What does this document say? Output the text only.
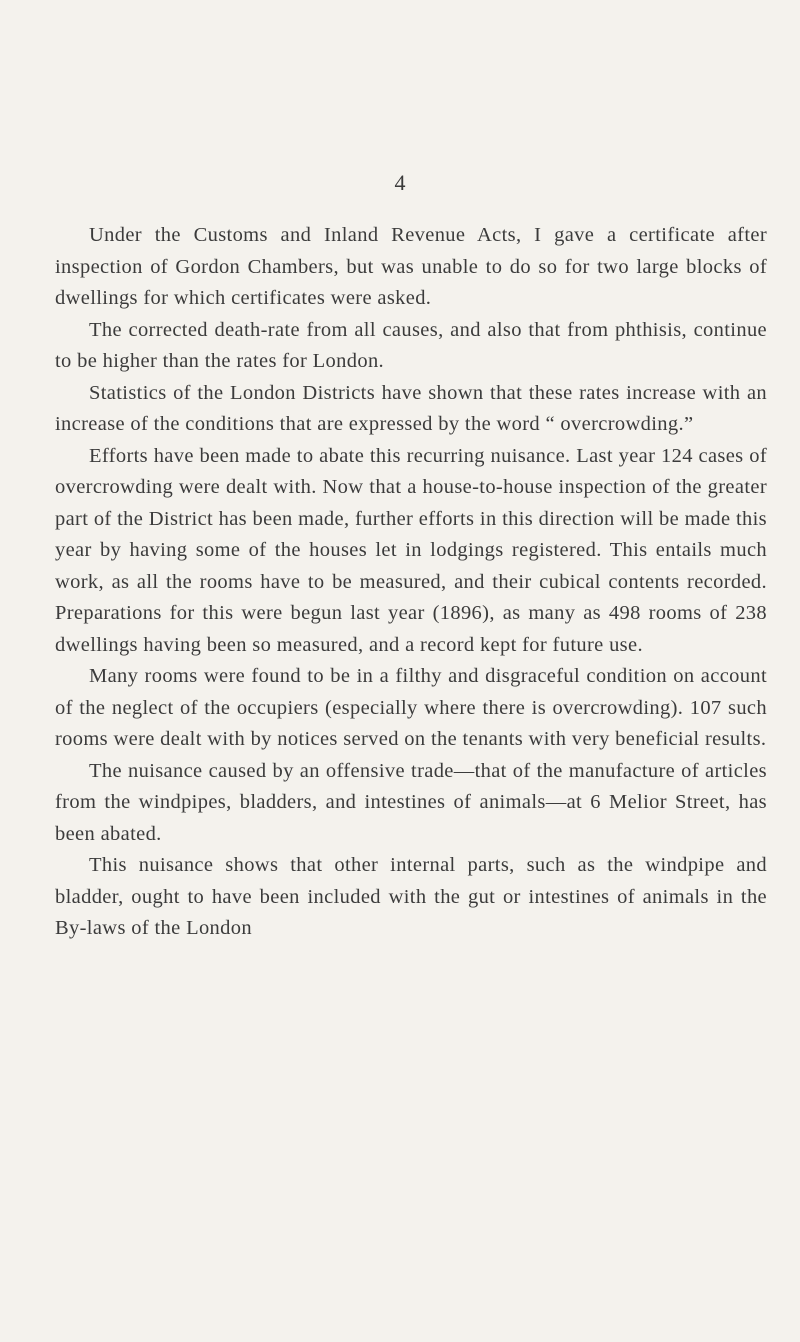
4

Under the Customs and Inland Revenue Acts, I gave a certificate after inspection of Gordon Chambers, but was unable to do so for two large blocks of dwellings for which certificates were asked.

The corrected death-rate from all causes, and also that from phthisis, continue to be higher than the rates for London.

Statistics of the London Districts have shown that these rates increase with an increase of the conditions that are expressed by the word “ overcrowding.”

Efforts have been made to abate this recurring nuisance. Last year 124 cases of overcrowding were dealt with. Now that a house-to-house inspection of the greater part of the District has been made, further efforts in this direction will be made this year by having some of the houses let in lodgings registered. This entails much work, as all the rooms have to be measured, and their cubical contents recorded. Preparations for this were begun last year (1896), as many as 498 rooms of 238 dwellings having been so measured, and a record kept for future use.

Many rooms were found to be in a filthy and disgraceful condition on account of the neglect of the occupiers (especially where there is overcrowding). 107 such rooms were dealt with by notices served on the tenants with very beneficial results.

The nuisance caused by an offensive trade—that of the manufacture of articles from the windpipes, bladders, and intestines of animals—at 6 Melior Street, has been abated.

This nuisance shows that other internal parts, such as the windpipe and bladder, ought to have been included with the gut or intestines of animals in the By-laws of the London
